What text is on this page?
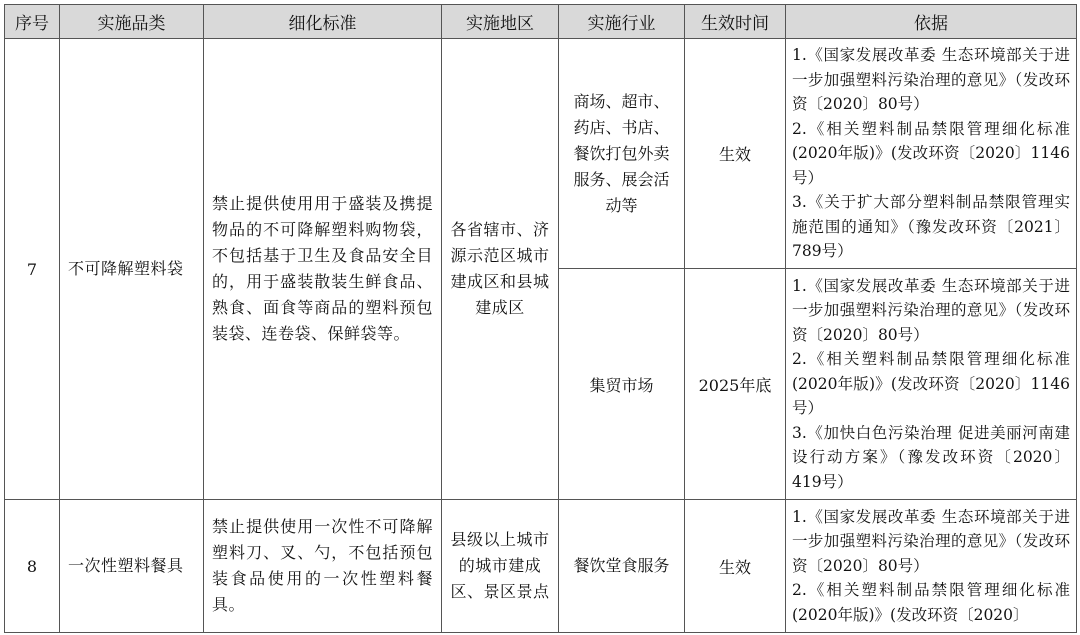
序号	实施品类	细化标准	实施地区	实施行业	生效时间	依据
7	不可降解塑料袋	禁止提供使用用于盛装及携提物品的不可降解塑料购物袋，不包括基于卫生及食品安全目的，用于盛装散装生鲜食品、熟食、面食等商品的塑料预包装袋、连卷袋、保鲜袋等。	各省辖市、济源示范区城市建成区和县城建成区	商场、超市、药店、书店、餐饮打包外卖服务、展会活动等	生效	1.《国家发展改革委 生态环境部关于进一步加强塑料污染治理的意见》（发改环资〔2020〕80号）
2.《相关塑料制品禁限管理细化标准(2020年版)》(发改环资〔2020〕1146号）
3.《关于扩大部分塑料制品禁限管理实施范围的通知》（豫发改环资〔2021〕789号）

				集贸市场	2025年底	1.《国家发展改革委 生态环境部关于进一步加强塑料污染治理的意见》（发改环资〔2020〕80号）
2.《相关塑料制品禁限管理细化标准(2020年版)》(发改环资〔2020〕1146号）
3.《加快白色污染治理 促进美丽河南建设行动方案》（豫发改环资〔2020〕419号）

8	一次性塑料餐具	禁止提供使用一次性不可降解塑料刀、叉、勺，不包括预包装食品使用的一次性塑料餐具。	县级以上城市的城市建成区、景区景点	餐饮堂食服务	生效	1.《国家发展改革委 生态环境部关于进一步加强塑料污染治理的意见》（发改环资〔2020〕80号）
2.《相关塑料制品禁限管理细化标准(2020年版)》(发改环资〔2020〕
